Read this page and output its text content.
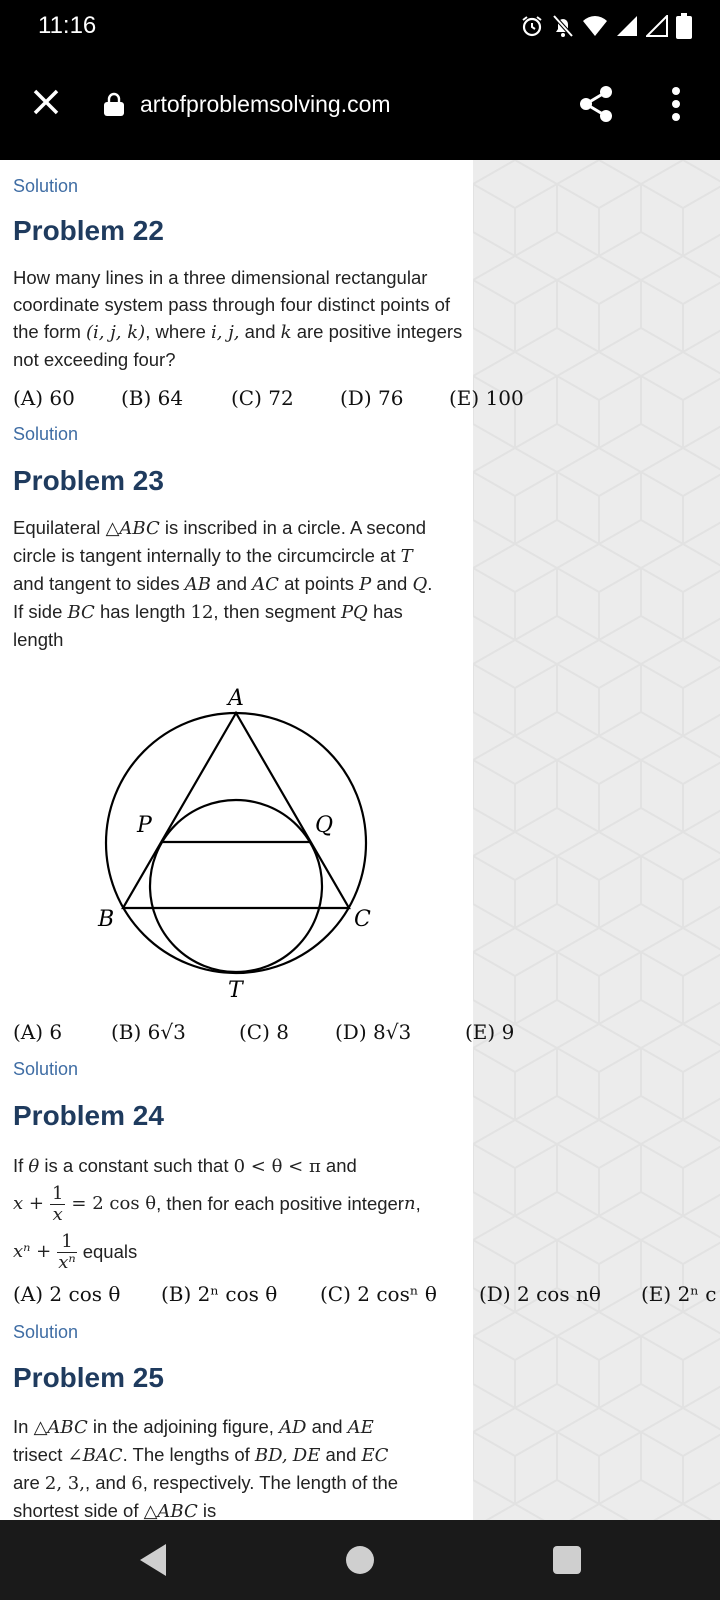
11:16
artofproblemsolving.com
Solution
Problem 22
How many lines in a three dimensional rectangular coordinate system pass through four distinct points of the form (i, j, k), where i, j, and k are positive integers not exceeding four?
(A) 60 (B) 64 (C) 72 (D) 76 (E) 100
Solution
Problem 23
Equilateral △ABC is inscribed in a circle. A second
circle is tangent internally to the circumcircle at T
and tangent to sides AB and AC at points P and Q.
If side BC has length 12, then segment PQ has
length
A
B	C
P	Q
T
(A) 6 (B) 6√3	(C) 8 (D) 8√3	(E) 9
Solution
Problem 24
If θ is a constant such that 0 < θ < π and
$x + \frac{1}{x} = 2$ cos θ , then for each positive integer n ,
$x^n + \frac{1}{\text{xⁿ}}$ equals
(A) 2 cos θ (B) 2ⁿ cos θ (C) 2 cosⁿ θ (D) 2 cos nθ (E) 2ⁿ c
Solution
Problem 25
In △ABC in the adjoining figure, AD and AE
trisect ∠BAC. The lengths of BD, DE and EC
are 2, 3,, and 6, respectively. The length of the
shortest side of △ABC is
